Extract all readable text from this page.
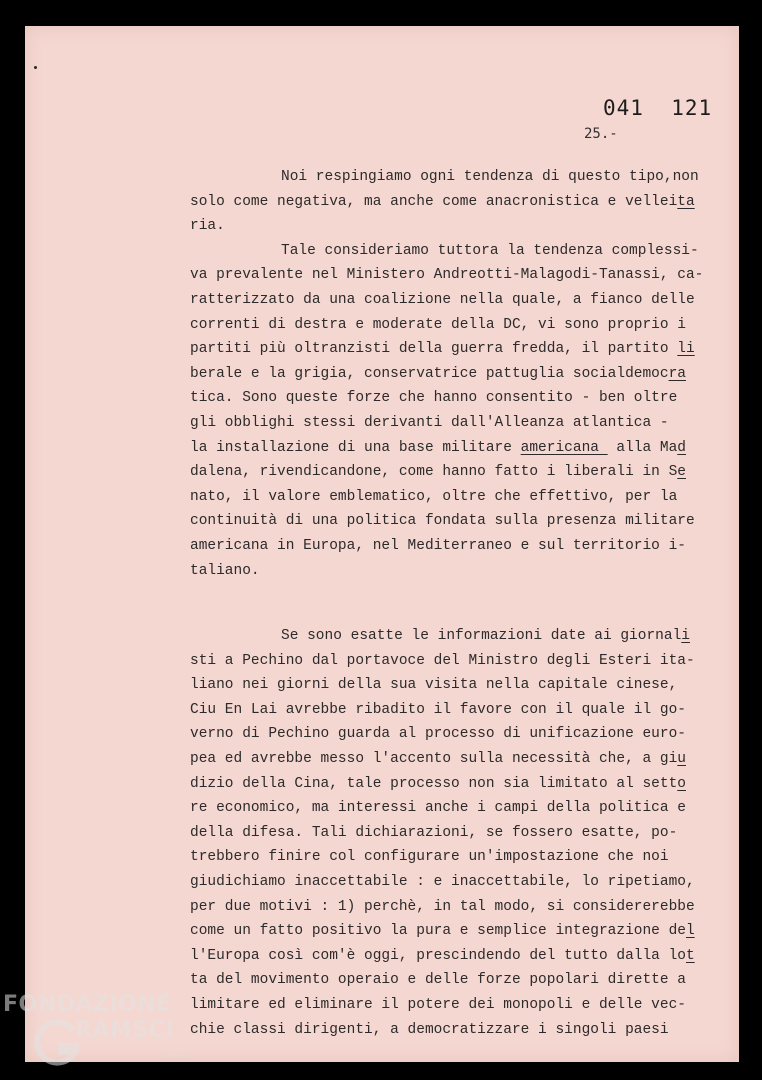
041  121
25.-
Noi respingiamo ogni tendenza di questo tipo,non
solo come negativa, ma anche come anacronistica e velleita
ria.
Tale consideriamo tuttora la tendenza complessi-
va prevalente nel Ministero Andreotti-Malagodi-Tanassi, ca-
ratterizzato da una coalizione nella quale, a fianco delle
correnti di destra e moderate della DC, vi sono proprio i
partiti più oltranzisti della guerra fredda, il partito li
berale e la grigia, conservatrice pattuglia socialdemocra
tica. Sono queste forze che hanno consentito - ben oltre
gli obblighi stessi derivanti dall'Alleanza atlantica -
la installazione di una base militare americana  alla Mad
dalena, rivendicandone, come hanno fatto i liberali in Se
nato, il valore emblematico, oltre che effettivo, per la
continuità di una politica fondata sulla presenza militare
americana in Europa, nel Mediterraneo e sul territorio i-
taliano.
Se sono esatte le informazioni date ai giornali
sti a Pechino dal portavoce del Ministro degli Esteri ita-
liano nei giorni della sua visita nella capitale cinese,
Ciu En Lai avrebbe ribadito il favore con il quale il go-
verno di Pechino guarda al processo di unificazione euro-
pea ed avrebbe messo l'accento sulla necessità che, a giu
dizio della Cina, tale processo non sia limitato al setto
re economico, ma interessi anche i campi della politica e
della difesa. Tali dichiarazioni, se fossero esatte, po-
trebbero finire col configurare un'impostazione che noi
giudichiamo inaccettabile : e inaccettabile, lo ripetiamo,
per due motivi : 1) perchè, in tal modo, si considererebbe
come un fatto positivo la pura e semplice integrazione del
l'Europa così com'è oggi, prescindendo del tutto dalla lot
ta del movimento operaio e delle forze popolari dirette a
limitare ed eliminare il potere dei monopoli e delle vec-
chie classi dirigenti, a democratizzare i singoli paesi
FONDAZIONE
RAMSCI
onlus
